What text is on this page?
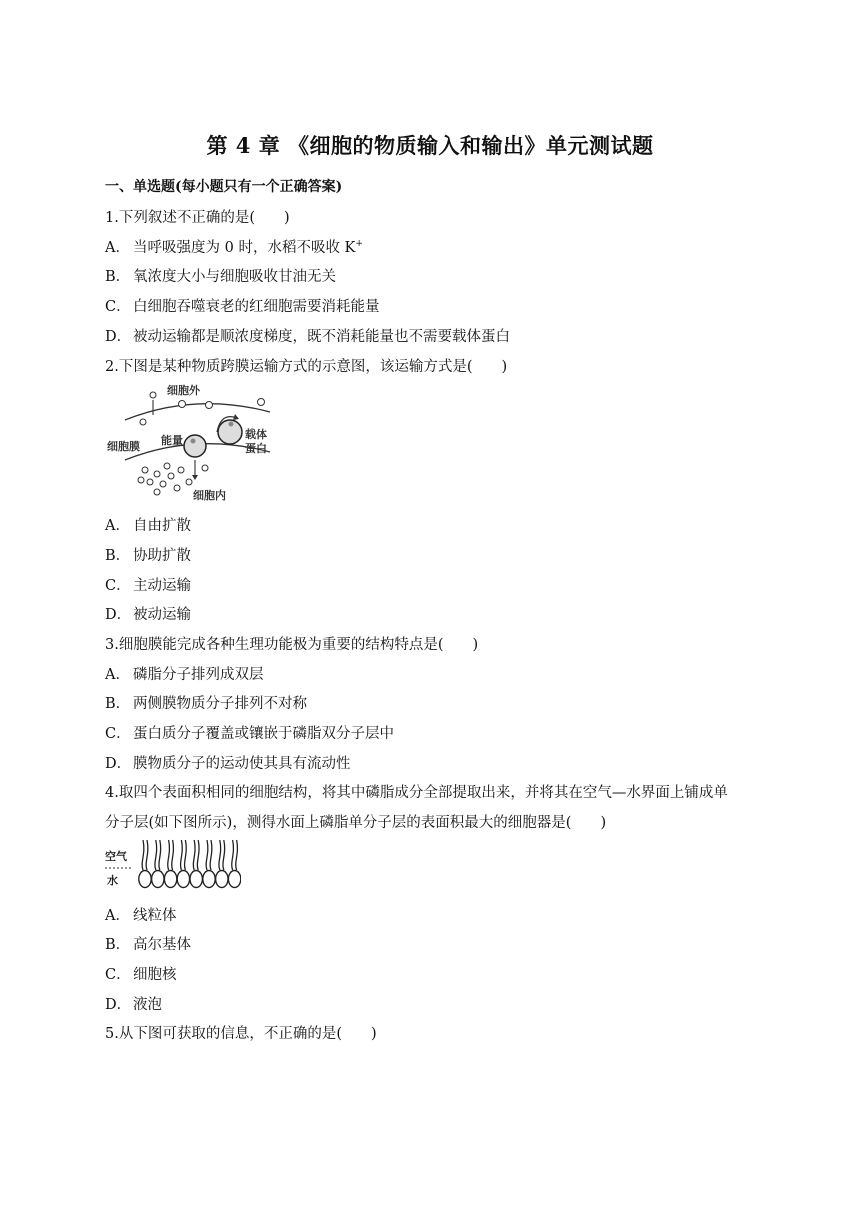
第 4 章 《细胞的物质输入和输出》单元测试题
一、单选题(每小题只有一个正确答案)
1.下列叙述不正确的是(　　)
A． 当呼吸强度为 0 时，水稻不吸收 K+
B． 氧浓度大小与细胞吸收甘油无关
C． 白细胞吞噬衰老的红细胞需要消耗能量
D． 被动运输都是顺浓度梯度，既不消耗能量也不需要载体蛋白
2.下图是某种物质跨膜运输方式的示意图，该运输方式是(　　)
细胞外
细胞膜 能量	载体
蛋白
细胞内
A． 自由扩散
B． 协助扩散
C． 主动运输
D． 被动运输
3.细胞膜能完成各种生理功能极为重要的结构特点是(　　)
A． 磷脂分子排列成双层
B． 两侧膜物质分子排列不对称
C． 蛋白质分子覆盖或镶嵌于磷脂双分子层中
D． 膜物质分子的运动使其具有流动性
4.取四个表面积相同的细胞结构，将其中磷脂成分全部提取出来，并将其在空气—水界面上铺成单
分子层(如下图所示)，测得水面上磷脂单分子层的表面积最大的细胞器是(　　)
空气
水
A． 线粒体
B． 高尔基体
C． 细胞核
D． 液泡
5.从下图可获取的信息，不正确的是(　　)
